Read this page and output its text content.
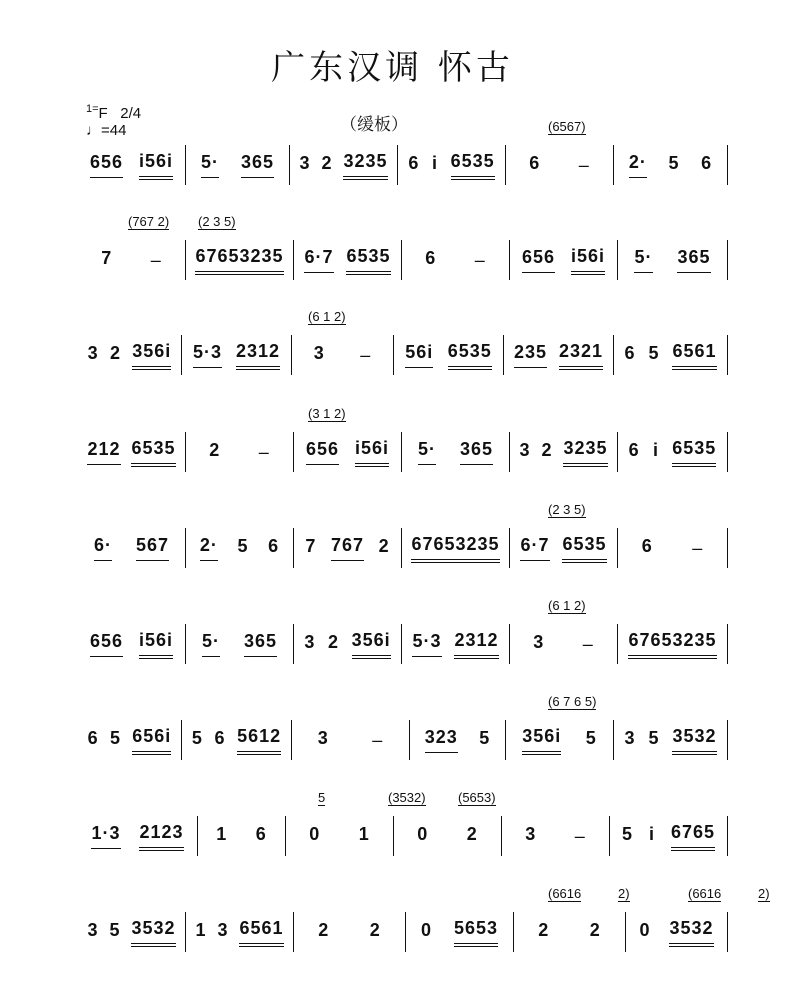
广东汉调 怀古
$^{1=}$F 2/4
♩=44	（缓板）
656 i56i 5· 365 3 2 3235 6 i 6535 6 – 2· 5 6
(6567)
7 – 67653235 6·7 6535 6 – 656 i56i 5· 365
(767 2) (2 3 5)
3 2 356i 5·3 2312 3 – 56i 6535 235 2321 6 5 6561
(6 1 2)
212 6535 2 – 656 i56i 5· 365 3 2 3235 6 i 6535
(3 1 2)
6· 567 2· 5 6 7 767 2 67653235 6·7 6535 6 –
(2 3 5)
656 i56i 5· 365 3 2 356i 5·3 2312 3 – 67653235
(6 1 2)
6 5 656i 5 6 5612 3 – 323 5 356i 5 3 5 3532
(6 7 6 5)
1·3 2123 1 6 0 1	0 2	3 – 5 i 6765
5	(3532) (5653)
3 5 3532 1 3 6561 2 2 0 5653 2 2 0 3532
(6616	2)	(6616	2)
